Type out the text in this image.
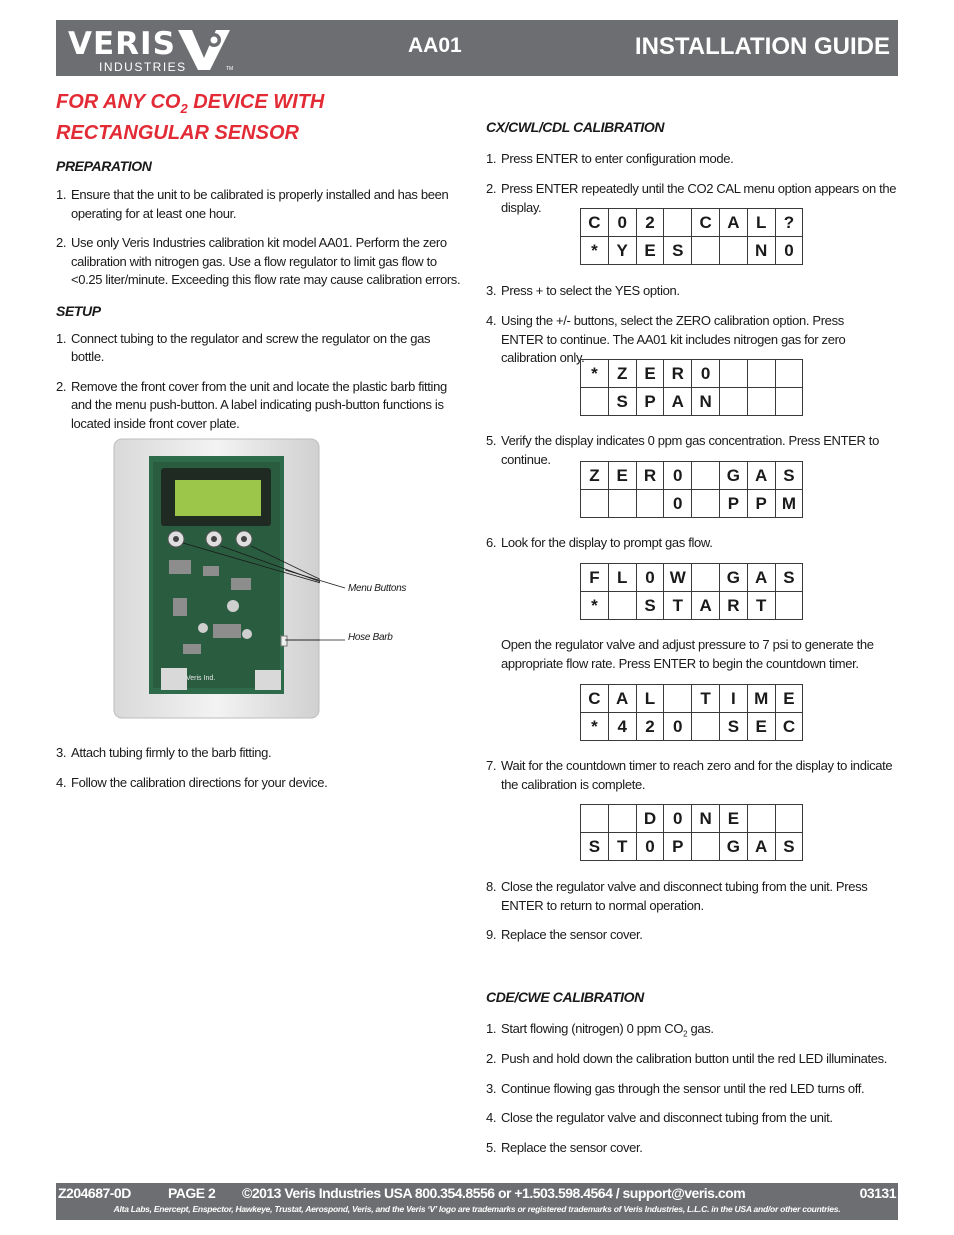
VERIS
INDUSTRIES	TM
AA01	INSTALLATION GUIDE
FOR ANY $CO_2$ DEVICE WITH
RECTANGULAR SENSOR
PREPARATION
1. Ensure that the unit to be calibrated is properly installed and has been operating for at least one hour.
2. Use only Veris Industries calibration kit model AA01. Perform the zero calibration with nitrogen gas. Use a flow regulator to limit gas flow to <0.25 liter/minute. Exceeding this flow rate may cause calibration errors.
SETUP
1. Connect tubing to the regulator and screw the regulator on the gas bottle.
2. Remove the front cover from the unit and locate the plastic barb fitting and the menu push-button. A label indicating push-button functions is located inside front cover plate.
Veris Ind.
Menu Buttons
Hose Barb
3. Attach tubing firmly to the barb fitting.
4. Follow the calibration directions for your device.
CX/CWL/CDL CALIBRATION
1. Press ENTER to enter configuration mode.
2. Press ENTER repeatedly until the CO2 CAL menu option appears on the display.
C	0	2		C	A	L	?
*	Y	E	S			N	0
3. Press + to select the YES option.
4. Using the +/- buttons, select the ZERO calibration option. Press ENTER to continue. The AA01 kit includes nitrogen gas for zero calibration only.
*	Z	E	R	0			
	S	P	A	N			
5. Verify the display indicates 0 ppm gas concentration. Press ENTER to continue.
Z	E	R	0		G	A	S
			0		P	P	M
6. Look for the display to prompt gas flow.
F	L	0	W		G	A	S
*		S	T	A	R	T	
Open the regulator valve and adjust pressure to 7 psi to generate the appropriate flow rate. Press ENTER to begin the countdown timer.
C	A	L		T	I	M	E
*	4	2	0		S	E	C
7. Wait for the countdown timer to reach zero and for the display to indicate the calibration is complete.
		D	0	N	E		
S	T	0	P		G	A	S
8. Close the regulator valve and disconnect tubing from the unit. Press ENTER to return to normal operation.
9. Replace the sensor cover.
CDE/CWE CALIBRATION
1. Start flowing (nitrogen) 0 ppm $CO_2$ gas.
2. Push and hold down the calibration button until the red LED illuminates.
3. Continue flowing gas through the sensor until the red LED turns off.
4. Close the regulator valve and disconnect tubing from the unit.
5. Replace the sensor cover.
Z204687-0D	PAGE 2 ©2013 Veris Industries USA 800.354.8556 or +1.503.598.4564 / support@veris.com	03131
Alta Labs, Enercept, Enspector, Hawkeye, Trustat, Aerospond, Veris, and the Veris ‘V’ logo are trademarks or registered trademarks of Veris Industries, L.L.C. in the USA and/or other countries.
